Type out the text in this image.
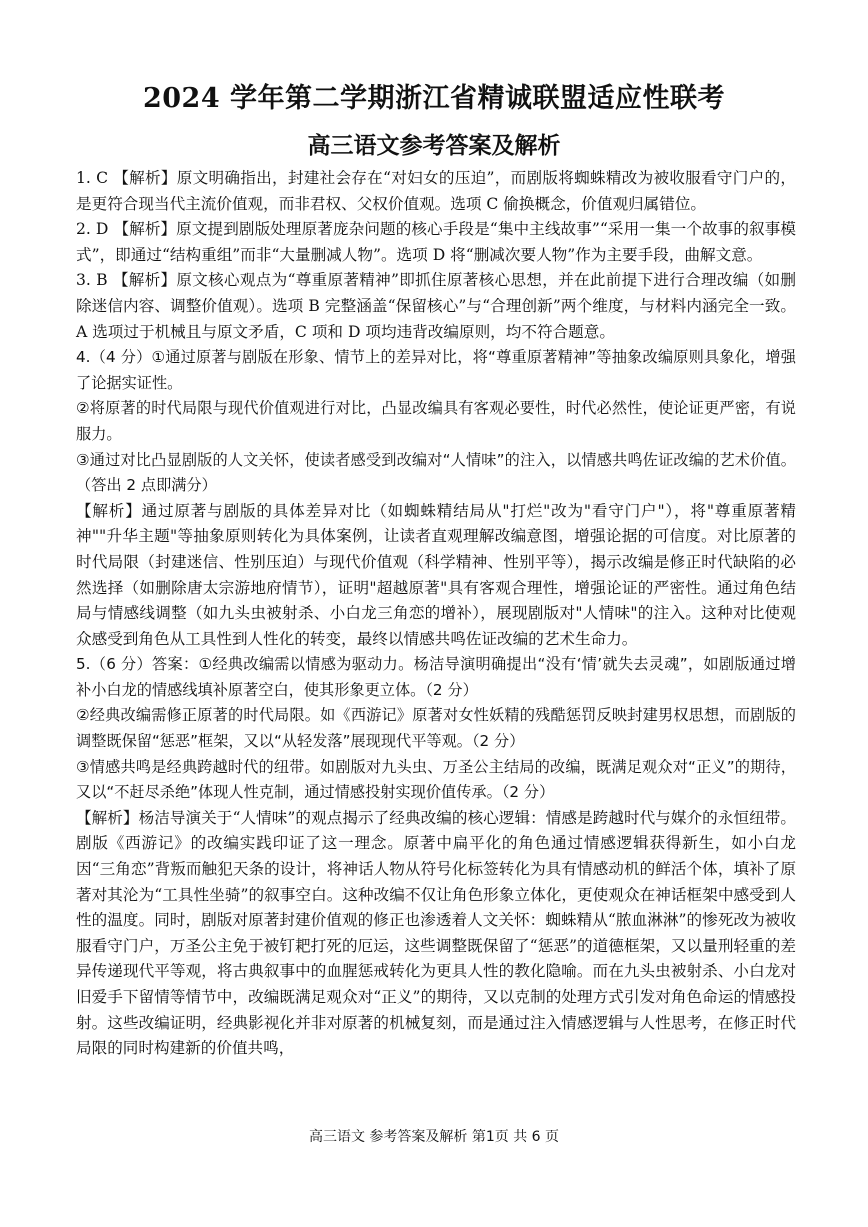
2024 学年第二学期浙江省精诚联盟适应性联考
高三语文参考答案及解析

1. C 【解析】原文明确指出，封建社会存在“对妇女的压迫”，而剧版将蜘蛛精改为被收服看守门户的，是更符合现当代主流价值观，而非君权、父权价值观。选项 C 偷换概念，价值观归属错位。

2. D 【解析】原文提到剧版处理原著庞杂问题的核心手段是“集中主线故事”“采用一集一个故事的叙事模式”，即通过“结构重组”而非“大量删减人物”。选项 D 将“删减次要人物”作为主要手段，曲解文意。

3. B 【解析】原文核心观点为“尊重原著精神”即抓住原著核心思想，并在此前提下进行合理改编（如删除迷信内容、调整价值观）。选项 B 完整涵盖“保留核心”与“合理创新”两个维度，与材料内涵完全一致。A 选项过于机械且与原文矛盾，C 项和 D 项均违背改编原则，均不符合题意。

4.（4 分）①通过原著与剧版在形象、情节上的差异对比，将“尊重原著精神”等抽象改编原则具象化，增强了论据实证性。

②将原著的时代局限与现代价值观进行对比，凸显改编具有客观必要性，时代必然性，使论证更严密，有说服力。

③通过对比凸显剧版的人文关怀，使读者感受到改编对“人情味”的注入，以情感共鸣佐证改编的艺术价值。（答出 2 点即满分）

【解析】通过原著与剧版的具体差异对比（如蜘蛛精结局从"打烂"改为"看守门户"），将"尊重原著精神""升华主题"等抽象原则转化为具体案例，让读者直观理解改编意图，增强论据的可信度。对比原著的时代局限（封建迷信、性别压迫）与现代价值观（科学精神、性别平等），揭示改编是修正时代缺陷的必然选择（如删除唐太宗游地府情节），证明"超越原著"具有客观合理性，增强论证的严密性。通过角色结局与情感线调整（如九头虫被射杀、小白龙三角恋的增补），展现剧版对"人情味"的注入。这种对比使观众感受到角色从工具性到人性化的转变，最终以情感共鸣佐证改编的艺术生命力。

5.（6 分）答案：①经典改编需以情感为驱动力。杨洁导演明确提出“没有‘情’就失去灵魂”，如剧版通过增补小白龙的情感线填补原著空白，使其形象更立体。（2 分）

②经典改编需修正原著的时代局限。如《西游记》原著对女性妖精的残酷惩罚反映封建男权思想，而剧版的调整既保留“惩恶”框架，又以“从轻发落”展现现代平等观。（2 分）

③情感共鸣是经典跨越时代的纽带。如剧版对九头虫、万圣公主结局的改编，既满足观众对“正义”的期待，又以“不赶尽杀绝”体现人性克制，通过情感投射实现价值传承。（2 分）

【解析】杨洁导演关于“人情味”的观点揭示了经典改编的核心逻辑：情感是跨越时代与媒介的永恒纽带。剧版《西游记》的改编实践印证了这一理念。原著中扁平化的角色通过情感逻辑获得新生，如小白龙因“三角恋”背叛而触犯天条的设计，将神话人物从符号化标签转化为具有情感动机的鲜活个体，填补了原著对其沦为“工具性坐骑”的叙事空白。这种改编不仅让角色形象立体化，更使观众在神话框架中感受到人性的温度。同时，剧版对原著封建价值观的修正也渗透着人文关怀：蜘蛛精从“脓血淋淋”的惨死改为被收服看守门户，万圣公主免于被钉耙打死的厄运，这些调整既保留了“惩恶”的道德框架，又以量刑轻重的差异传递现代平等观，将古典叙事中的血腥惩戒转化为更具人性的教化隐喻。而在九头虫被射杀、小白龙对旧爱手下留情等情节中，改编既满足观众对“正义”的期待，又以克制的处理方式引发对角色命运的情感投射。这些改编证明，经典影视化并非对原著的机械复刻，而是通过注入情感逻辑与人性思考，在修正时代局限的同时构建新的价值共鸣，

高三语文 参考答案及解析 第1页 共 6 页
